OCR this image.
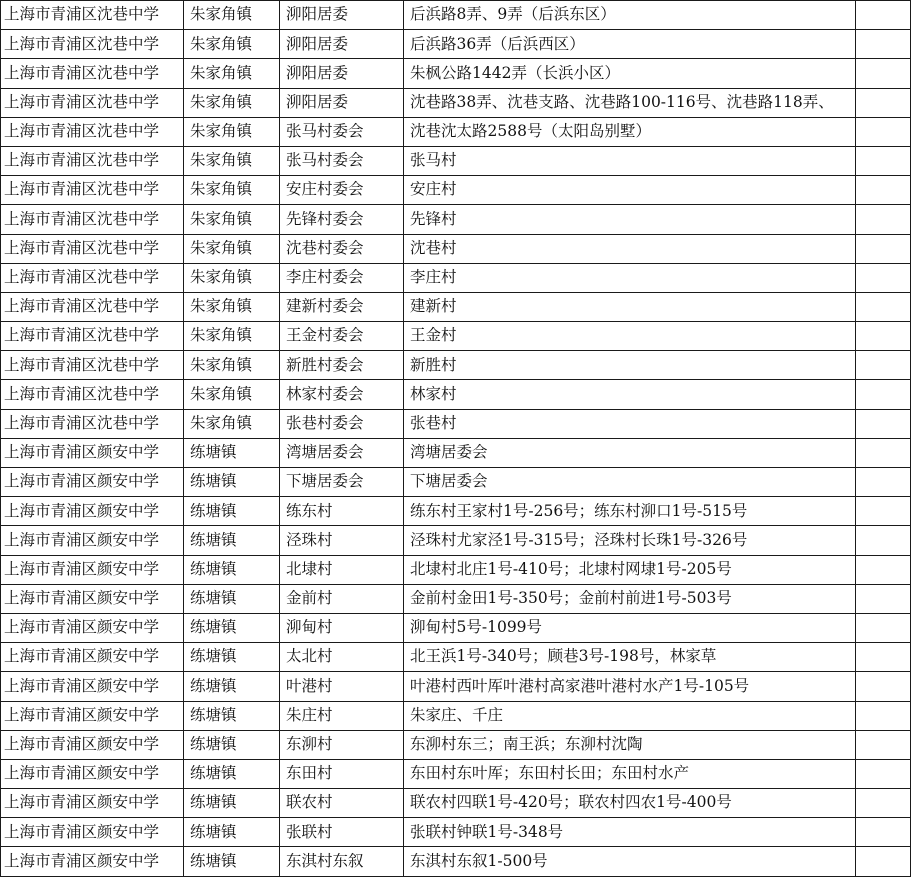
上海市青浦区沈巷中学	朱家角镇	泖阳居委	后浜路8弄、9弄（后浜东区）	
上海市青浦区沈巷中学	朱家角镇	泖阳居委	后浜路36弄（后浜西区）	
上海市青浦区沈巷中学	朱家角镇	泖阳居委	朱枫公路1442弄（长浜小区）	
上海市青浦区沈巷中学	朱家角镇	泖阳居委	沈巷路38弄、沈巷支路、沈巷路100-116号、沈巷路118弄、	
上海市青浦区沈巷中学	朱家角镇	张马村委会	沈巷沈太路2588号（太阳岛别墅）	
上海市青浦区沈巷中学	朱家角镇	张马村委会	张马村	
上海市青浦区沈巷中学	朱家角镇	安庄村委会	安庄村	
上海市青浦区沈巷中学	朱家角镇	先锋村委会	先锋村	
上海市青浦区沈巷中学	朱家角镇	沈巷村委会	沈巷村	
上海市青浦区沈巷中学	朱家角镇	李庄村委会	李庄村	
上海市青浦区沈巷中学	朱家角镇	建新村委会	建新村	
上海市青浦区沈巷中学	朱家角镇	王金村委会	王金村	
上海市青浦区沈巷中学	朱家角镇	新胜村委会	新胜村	
上海市青浦区沈巷中学	朱家角镇	林家村委会	林家村	
上海市青浦区沈巷中学	朱家角镇	张巷村委会	张巷村	
上海市青浦区颜安中学	练塘镇	湾塘居委会	湾塘居委会	
上海市青浦区颜安中学	练塘镇	下塘居委会	下塘居委会	
上海市青浦区颜安中学	练塘镇	练东村	练东村王家村1号-256号；练东村泖口1号-515号	
上海市青浦区颜安中学	练塘镇	泾珠村	泾珠村尤家泾1号-315号；泾珠村长珠1号-326号	
上海市青浦区颜安中学	练塘镇	北埭村	北埭村北庄1号-410号；北埭村网埭1号-205号	
上海市青浦区颜安中学	练塘镇	金前村	金前村金田1号-350号；金前村前进1号-503号	
上海市青浦区颜安中学	练塘镇	泖甸村	泖甸村5号-1099号	
上海市青浦区颜安中学	练塘镇	太北村	北王浜1号-340号；顾巷3号-198号，林家草	
上海市青浦区颜安中学	练塘镇	叶港村	叶港村西叶厍叶港村高家港叶港村水产1号-105号	
上海市青浦区颜安中学	练塘镇	朱庄村	朱家庄、千庄	
上海市青浦区颜安中学	练塘镇	东泖村	东泖村东三；南王浜；东泖村沈陶	
上海市青浦区颜安中学	练塘镇	东田村	东田村东叶厍；东田村长田；东田村水产	
上海市青浦区颜安中学	练塘镇	联农村	联农村四联1号-420号；联农村四农1号-400号	
上海市青浦区颜安中学	练塘镇	张联村	张联村钟联1号-348号	
上海市青浦区颜安中学	练塘镇	东淇村东叙	东淇村东叙1-500号	
